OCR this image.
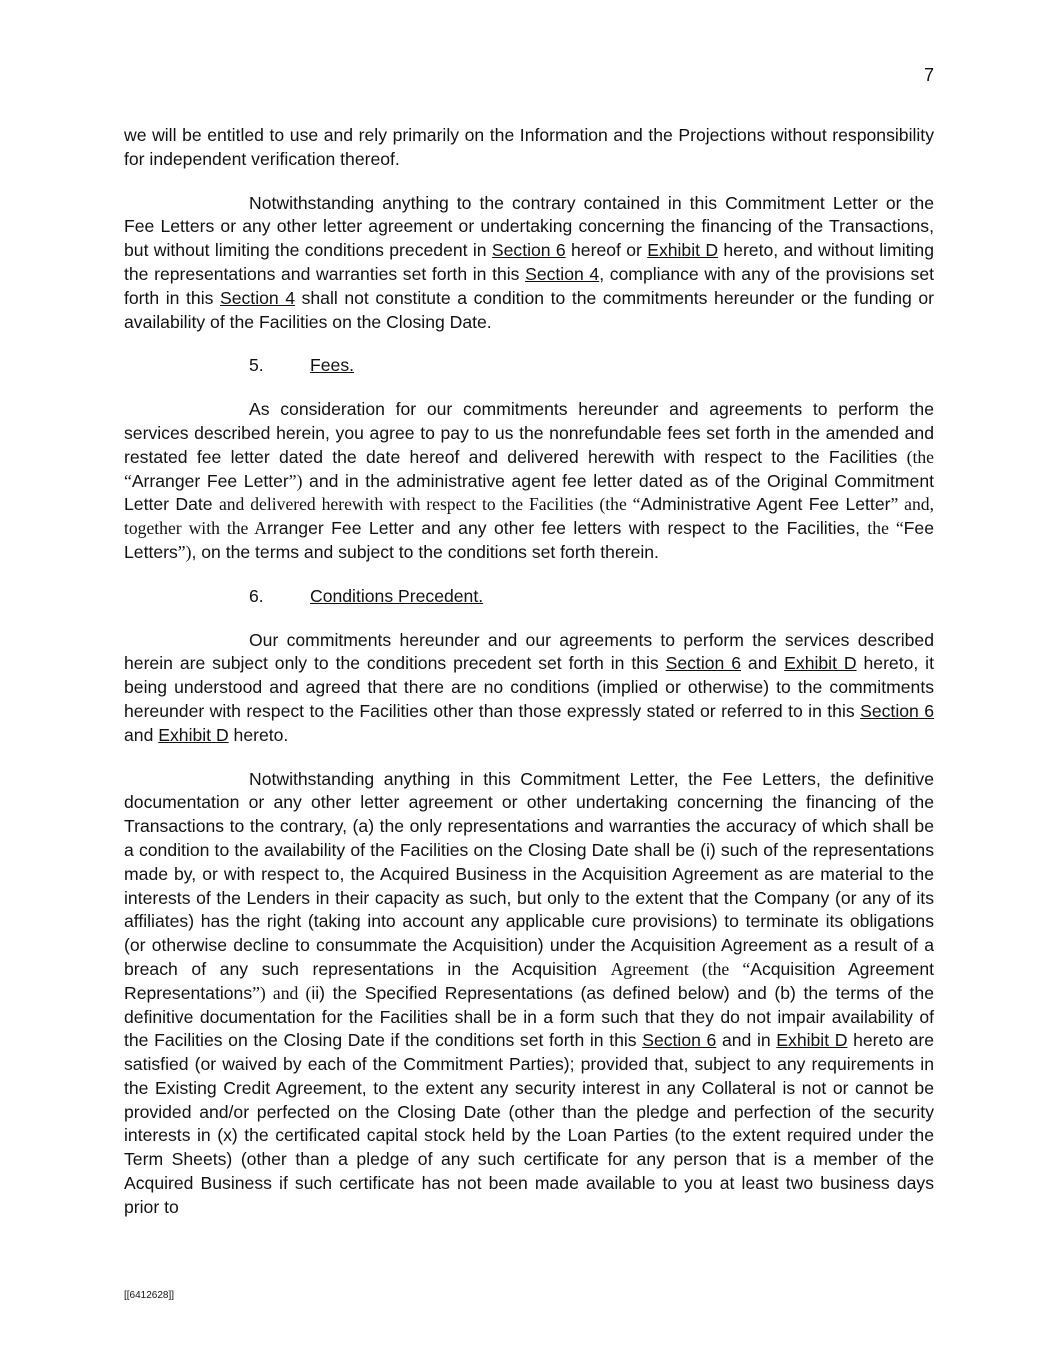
7

we will be entitled to use and rely primarily on the Information and the Projections without responsibility for independent verification thereof.

Notwithstanding anything to the contrary contained in this Commitment Letter or the Fee Letters or any other letter agreement or undertaking concerning the financing of the Transactions, but without limiting the conditions precedent in Section 6 hereof or Exhibit D hereto, and without limiting the representations and warranties set forth in this Section 4, compliance with any of the provisions set forth in this Section 4 shall not constitute a condition to the commitments hereunder or the funding or availability of the Facilities on the Closing Date.

5.	Fees.

As consideration for our commitments hereunder and agreements to perform the services described herein, you agree to pay to us the nonrefundable fees set forth in the amended and restated fee letter dated the date hereof and delivered herewith with respect to the Facilities (the “Arranger Fee Letter”) and in the administrative agent fee letter dated as of the Original Commitment Letter Date and delivered herewith with respect to the Facilities (the “Administrative Agent Fee Letter” and, together with the Arranger Fee Letter and any other fee letters with respect to the Facilities, the “Fee Letters”), on the terms and subject to the conditions set forth therein.

6.	Conditions Precedent.

Our commitments hereunder and our agreements to perform the services described herein are subject only to the conditions precedent set forth in this Section 6 and Exhibit D hereto, it being understood and agreed that there are no conditions (implied or otherwise) to the commitments hereunder with respect to the Facilities other than those expressly stated or referred to in this Section 6 and Exhibit D hereto.

Notwithstanding anything in this Commitment Letter, the Fee Letters, the definitive documentation or any other letter agreement or other undertaking concerning the financing of the Transactions to the contrary, (a) the only representations and warranties the accuracy of which shall be a condition to the availability of the Facilities on the Closing Date shall be (i) such of the representations made by, or with respect to, the Acquired Business in the Acquisition Agreement as are material to the interests of the Lenders in their capacity as such, but only to the extent that the Company (or any of its affiliates) has the right (taking into account any applicable cure provisions) to terminate its obligations (or otherwise decline to consummate the Acquisition) under the Acquisition Agreement as a result of a breach of any such representations in the Acquisition Agreement (the “Acquisition Agreement Representations”) and (ii) the Specified Representations (as defined below) and (b) the terms of the definitive documentation for the Facilities shall be in a form such that they do not impair availability of the Facilities on the Closing Date if the conditions set forth in this Section 6 and in Exhibit D hereto are satisfied (or waived by each of the Commitment Parties); provided that, subject to any requirements in the Existing Credit Agreement, to the extent any security interest in any Collateral is not or cannot be provided and/or perfected on the Closing Date (other than the pledge and perfection of the security interests in (x) the certificated capital stock held by the Loan Parties (to the extent required under the Term Sheets) (other than a pledge of any such certificate for any person that is a member of the Acquired Business if such certificate has not been made available to you at least two business days prior to

[[6412628]]
